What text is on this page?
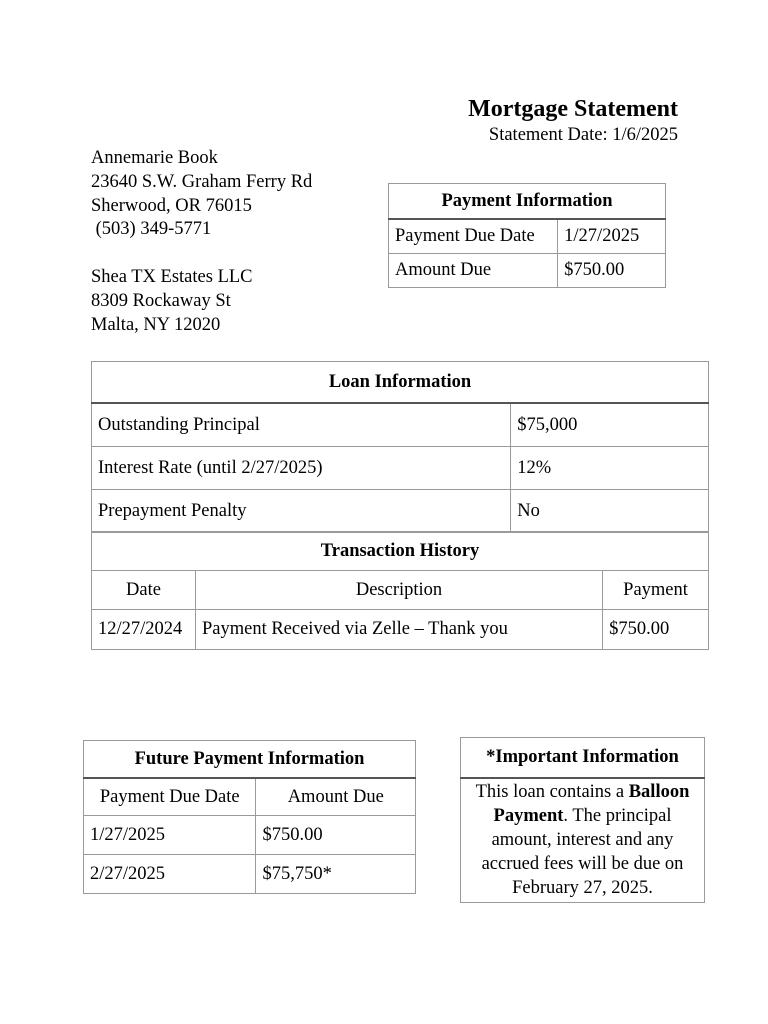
Mortgage Statement
Statement Date: 1/6/2025
Annemarie Book
23640 S.W. Graham Ferry Rd
Sherwood, OR 76015
(503) 349-5771
Shea TX Estates LLC
8309 Rockaway St
Malta, NY 12020
Payment Information	
Payment Due Date	1/27/2025
Amount Due	$750.00
Loan Information	
Outstanding Principal	$75,000
Interest Rate (until 2/27/2025)	12%
Prepayment Penalty	No
Transaction History		
Date	Description	Payment
12/27/2024	Payment Received via Zelle – Thank you	$750.00
Future Payment Information	
Payment Due Date	Amount Due
1/27/2025	$750.00
2/27/2025	$75,750*
*Important Information
This loan contains a Balloon Payment. The principal amount, interest and any accrued fees will be due on February 27, 2025.
